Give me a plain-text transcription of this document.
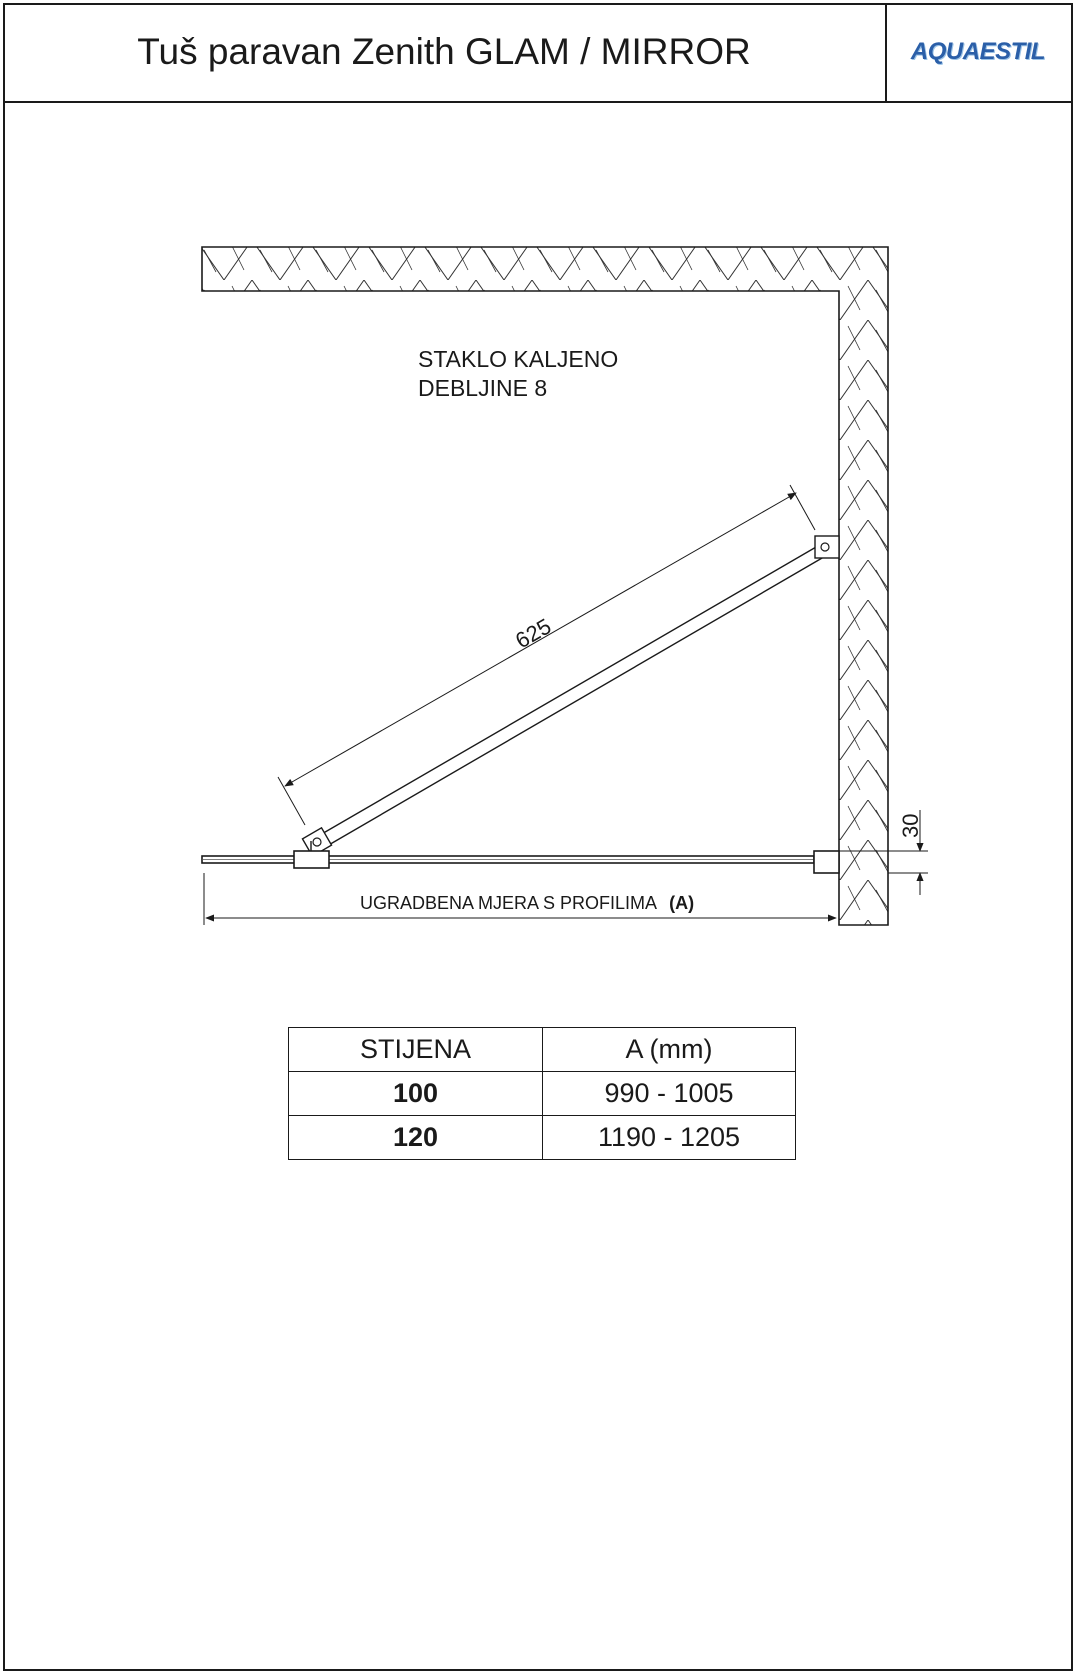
Tuš paravan Zenith GLAM / MIRROR	AQUAESTIL
STAKLO KALJENO
DEBLJINE 8
625
30
UGRADBENA MJERA S PROFILIMA (A)
STIJENA	A (mm)
100	990 - 1005
120	1190 - 1205
